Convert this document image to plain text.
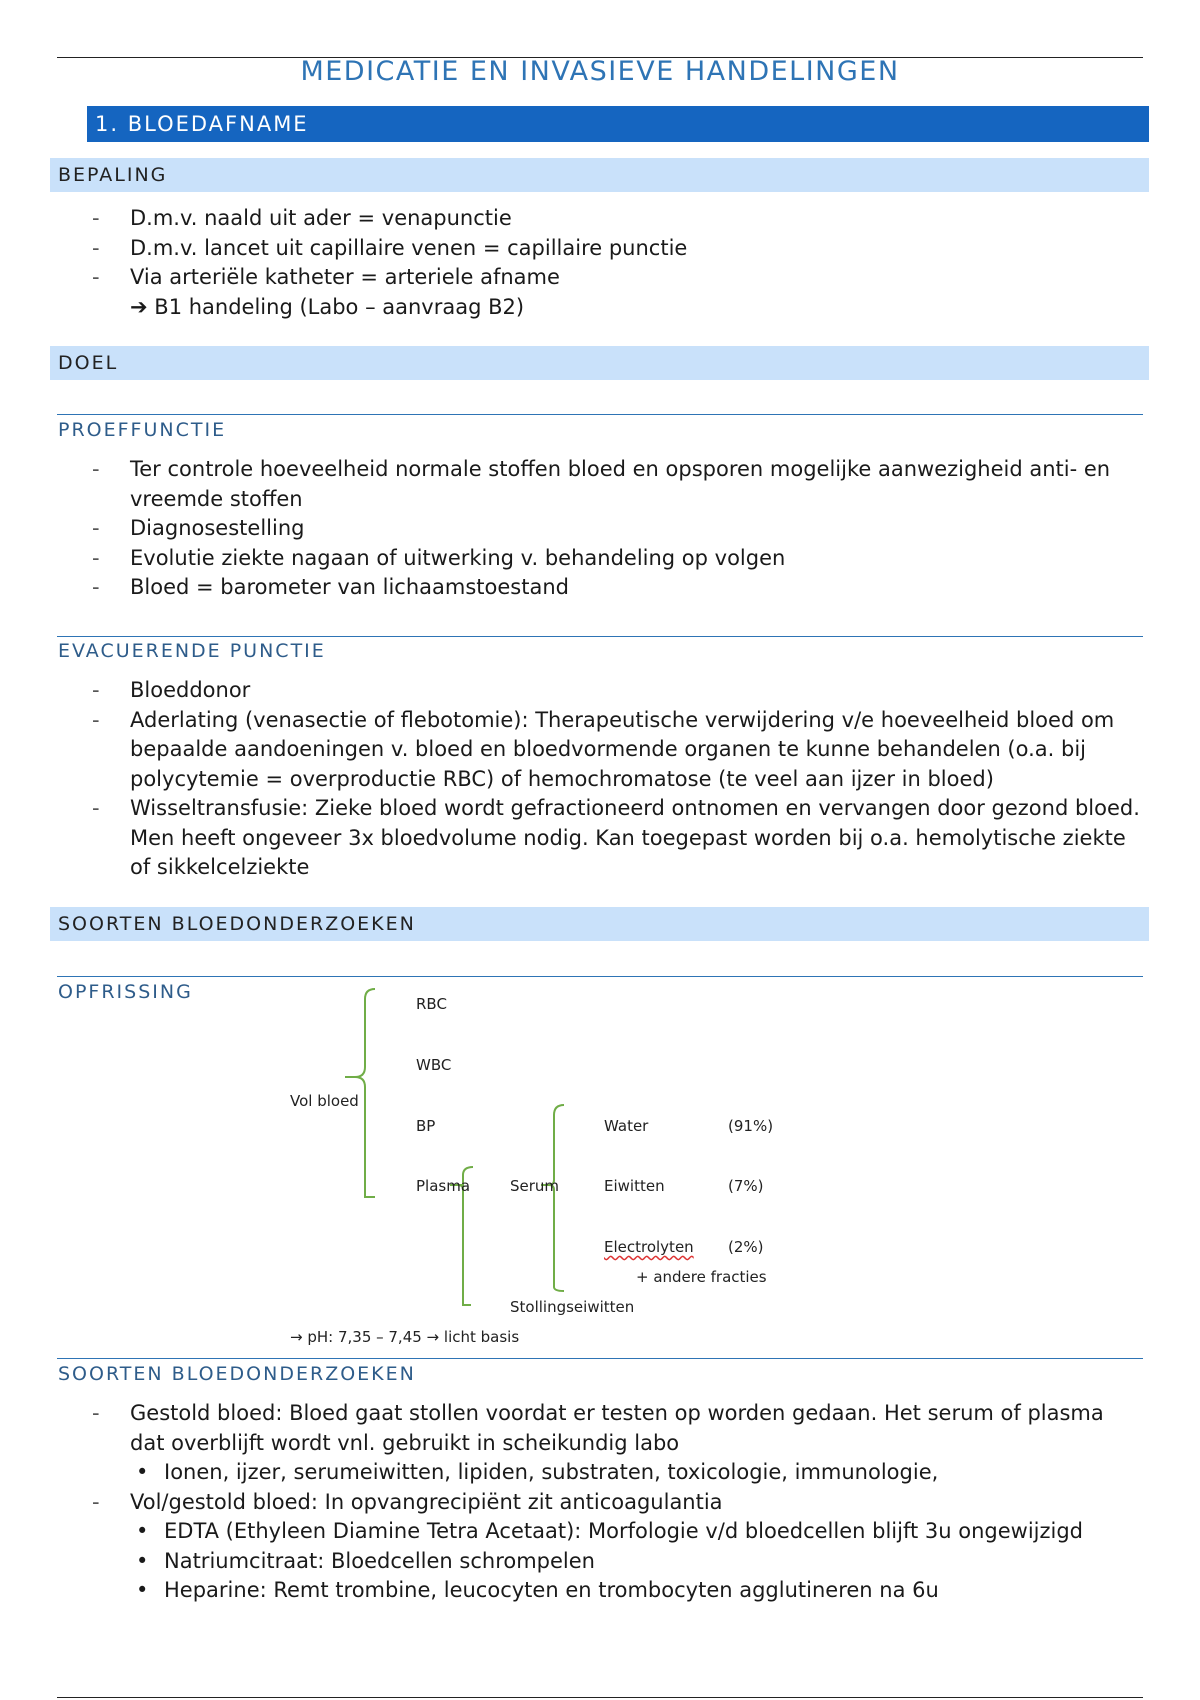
MEDICATIE EN INVASIEVE HANDELINGEN
1. BLOEDAFNAME
BEPALING
- D.m.v. naald uit ader = venapunctie
- D.m.v. lancet uit capillaire venen = capillaire punctie
- Via arteriële katheter = arteriele afname
➔ B1 handeling (Labo – aanvraag B2)
DOEL
PROEFFUNCTIE
- Ter controle hoeveelheid normale stoffen bloed en opsporen mogelijke aanwezigheid anti- en vreemde stoffen
- Diagnosestelling
- Evolutie ziekte nagaan of uitwerking v. behandeling op volgen
- Bloed = barometer van lichaamstoestand
EVACUERENDE PUNCTIE
- Bloeddonor
- Aderlating (venasectie of flebotomie): Therapeutische verwijdering v/e hoeveelheid bloed om bepaalde aandoeningen v. bloed en bloedvormende organen te kunne behandelen (o.a. bij polycytemie = overproductie RBC) of hemochromatose (te veel aan ijzer in bloed)
- Wisseltransfusie: Zieke bloed wordt gefractioneerd ontnomen en vervangen door gezond bloed. Men heeft ongeveer 3x bloedvolume nodig. Kan toegepast worden bij o.a. hemolytische ziekte of sikkelcelziekte
SOORTEN BLOEDONDERZOEKEN
OPFRISSING
Vol bloed
RBC
WBC
BP
Plasma	Serum
Water	(91%)
Eiwitten	(7%)
Electrolyten (2%)
+ andere fracties
Stollingseiwitten
→ pH: 7,35 – 7,45 → licht basis
SOORTEN BLOEDONDERZOEKEN
- Gestold bloed: Bloed gaat stollen voordat er testen op worden gedaan. Het serum of plasma dat overblijft wordt vnl. gebruikt in scheikundig labo
• Ionen, ijzer, serumeiwitten, lipiden, substraten, toxicologie, immunologie,
- Vol/gestold bloed: In opvangrecipiënt zit anticoagulantia
• EDTA (Ethyleen Diamine Tetra Acetaat): Morfologie v/d bloedcellen blijft 3u ongewijzigd
• Natriumcitraat: Bloedcellen schrompelen
• Heparine: Remt trombine, leucocyten en trombocyten agglutineren na 6u
